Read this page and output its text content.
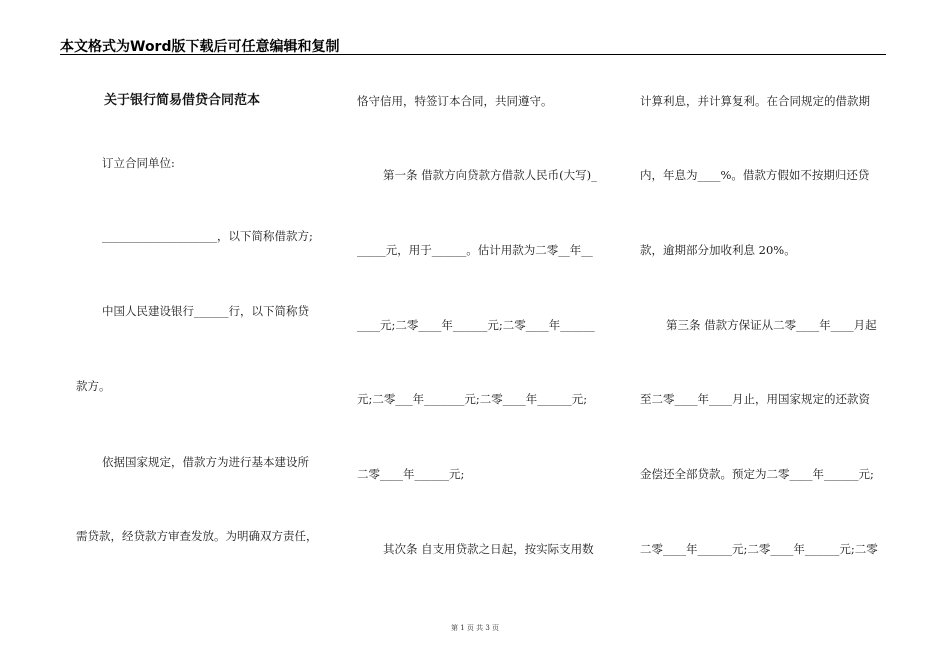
本文格式为Word版下载后可任意编辑和复制
关于银行简易借贷合同范本
订立合同单位:
____________________，以下简称借款方;
中国人民建设银行______行，以下简称贷
款方。
依据国家规定，借款方为进行基本建设所
需贷款，经贷款方审查发放。为明确双方责任，
恪守信用，特签订本合同，共同遵守。
第一条 借款方向贷款方借款人民币(大写)_
_____元，用于______。估计用款为二零__年__
____元;二零____年______元;二零____年______
元;二零___年_______元;二零____年______元;
二零____年______元;
其次条 自支用贷款之日起，按实际支用数
计算利息，并计算复利。在合同规定的借款期
内，年息为____%。借款方假如不按期归还贷
款，逾期部分加收利息 20%。
第三条 借款方保证从二零____年____月起
至二零____年____月止，用国家规定的还款资
金偿还全部贷款。预定为二零____年______元;
二零____年______元;二零____年______元;二零
第 1 页 共 3 页
